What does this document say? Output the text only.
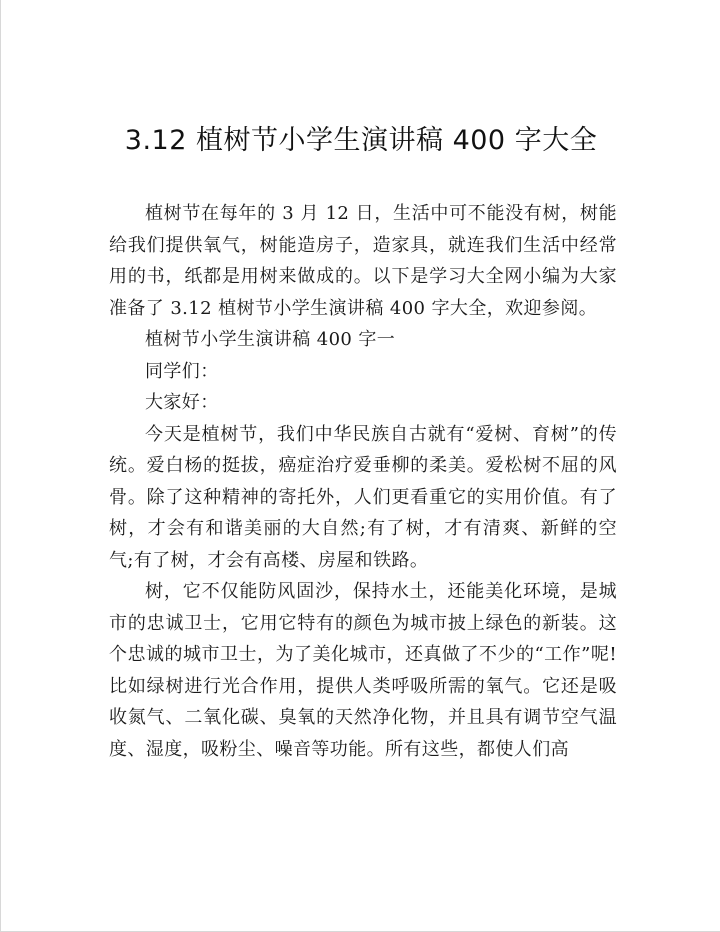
3.12 植树节小学生演讲稿 400 字大全

植树节在每年的 3 月 12 日，生活中可不能没有树，树能给我们提供氧气，树能造房子，造家具，就连我们生活中经常用的书，纸都是用树来做成的。以下是学习大全网小编为大家准备了 3.12 植树节小学生演讲稿 400 字大全，欢迎参阅。

植树节小学生演讲稿 400 字一

同学们：

大家好：

今天是植树节，我们中华民族自古就有“爱树、育树”的传统。爱白杨的挺拔，癌症治疗爱垂柳的柔美。爱松树不屈的风骨。除了这种精神的寄托外，人们更看重它的实用价值。有了树，才会有和谐美丽的大自然;有了树，才有清爽、新鲜的空气;有了树，才会有高楼、房屋和铁路。

树，它不仅能防风固沙，保持水土，还能美化环境，是城市的忠诚卫士，它用它特有的颜色为城市披上绿色的新装。这个忠诚的城市卫士，为了美化城市，还真做了不少的“工作”呢!比如绿树进行光合作用，提供人类呼吸所需的氧气。它还是吸收氮气、二氧化碳、臭氧的天然净化物，并且具有调节空气温度、湿度，吸粉尘、噪音等功能。所有这些，都使人们高
